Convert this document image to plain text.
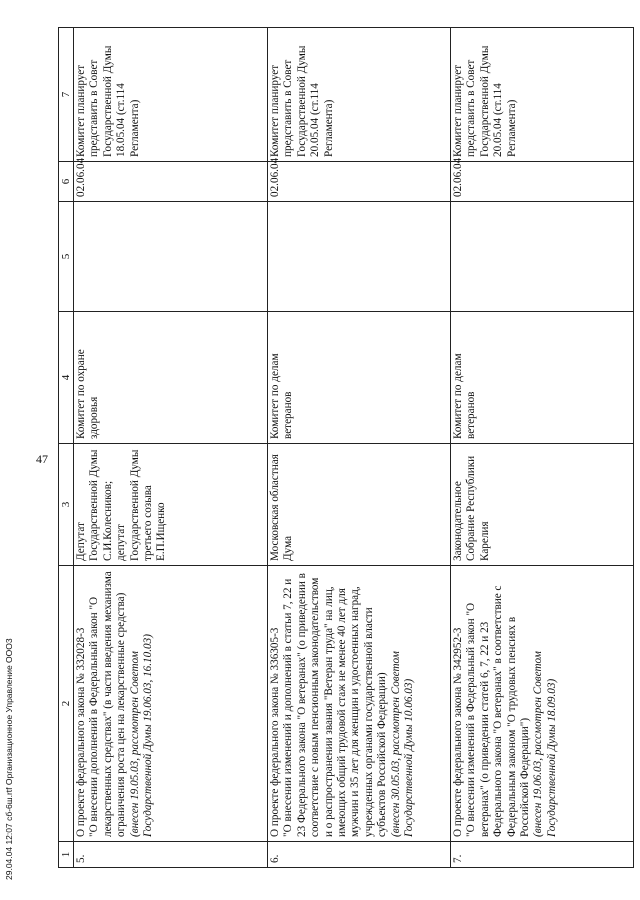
47
1	2	3	4	5	6	7
5.	О проекте федерального закона № 332028-3 "О внесении дополнений в Федеральный закон "О лекарственных средствах" (в части введения механизма ограничения роста цен на лекарственные средства) (внесен 19.05.03, рассмотрен Советом Государственной Думы 19.06.03, 16.10.03)	Депутат Государственной Думы С.И.Колесников; депутат Государственной Думы третьего созыва Е.П.Ищенко	Комитет по охране здоровья		02.06.04	Комитет планирует представить в Совет Государственной Думы 18.05.04 (ст.114 Регламента)
6.	О проекте федерального закона № 336305-3 "О внесении изменений и дополнений в статьи 7, 22 и 23 Федерального закона "О ветеранах" (о приведении в соответствие с новым пенсионным законодательством и о распространении звания "Ветеран труда" на лиц, имеющих общий трудовой стаж не менее 40 лет для мужчин и 35 лет для женщин и удостоенных наград, учрежденных органами государственной власти субъектов Российской Федерации) (внесен 30.05.03, рассмотрен Советом Государственной Думы 10.06.03)	Московская областная Дума	Комитет по делам ветеранов		02.06.04	Комитет планирует представить в Совет Государственной Думы 20.05.04 (ст.114 Регламента)
7.	О проекте федерального закона № 342952-3 "О внесении изменений в Федеральный закон "О ветеранах" (о приведении статей 6, 7, 22 и 23 Федерального закона "О ветеранах" в соответствие с Федеральным законом "О трудовых пенсиях в Российской Федерации") (внесен 19.06.03, рассмотрен Советом Государственной Думы 18.09.03)	Законодательное Собрание Республики Карелия	Комитет по делам ветеранов		02.06.04	Комитет планирует представить в Совет Государственной Думы 20.05.04 (ст.114 Регламента)
29.04.04 12:07 сб-6ш.rtf Организационное Управление ООО3
